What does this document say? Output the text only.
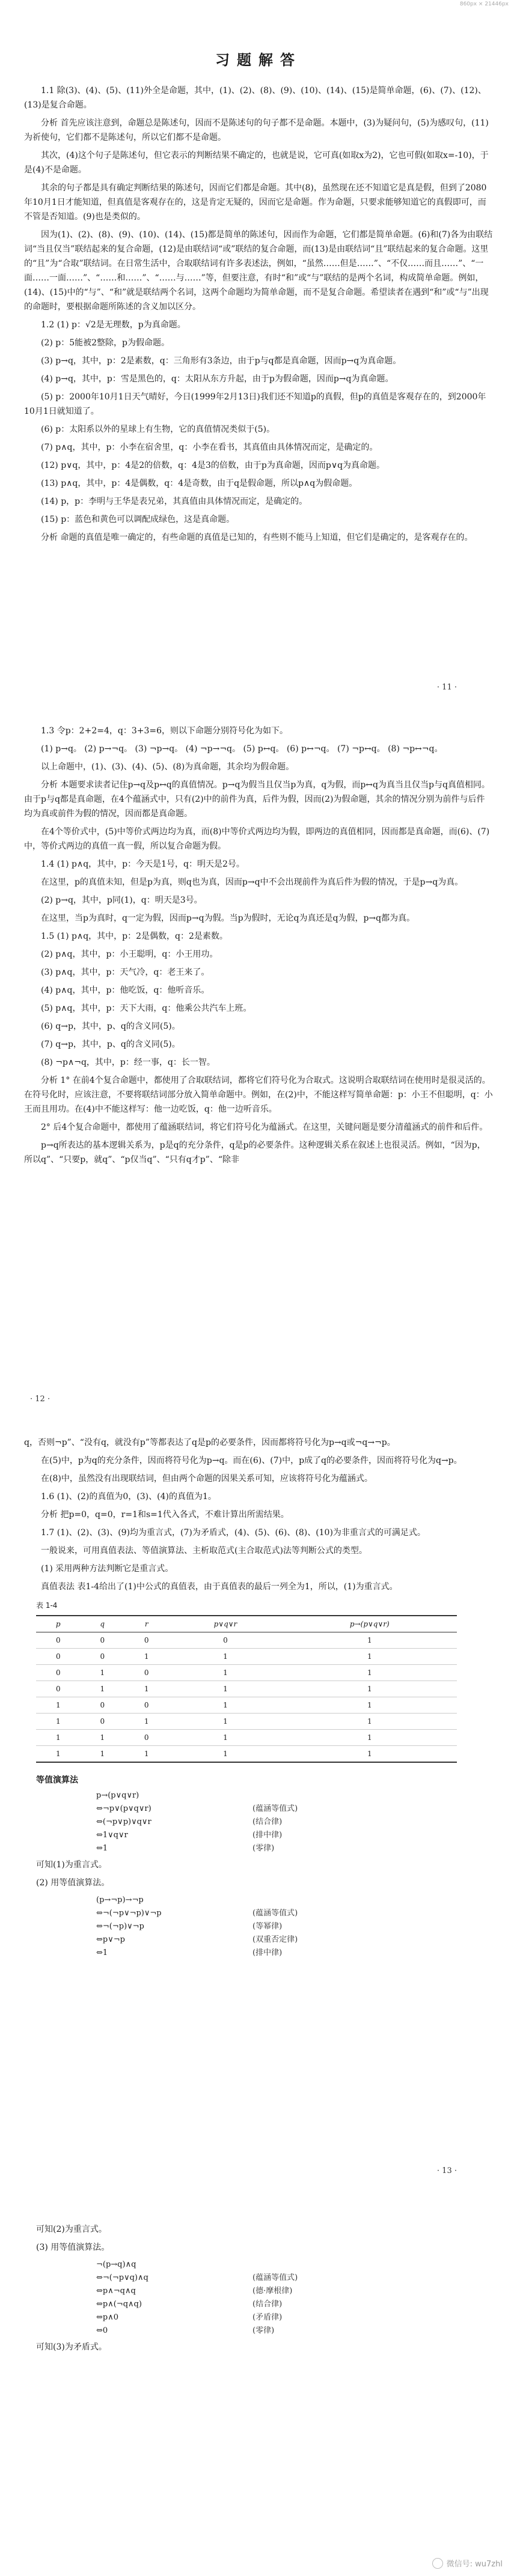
860px × 21446px
习题解答

1.1 除(3)、(4)、(5)、(11)外全是命题，其中，(1)、(2)、(8)、(9)、(10)、(14)、(15)是简单命题，(6)、(7)、(12)、(13)是复合命题。

分析 首先应该注意到，命题总是陈述句，因而不是陈述句的句子都不是命题。本题中，(3)为疑问句，(5)为感叹句，(11)为祈使句，它们都不是陈述句，所以它们都不是命题。

其次，(4)这个句子是陈述句，但它表示的判断结果不确定的，也就是说，它可真(如取x为2)，它也可假(如取x=-10)，于是(4)不是命题。

其余的句子都是具有确定判断结果的陈述句，因而它们都是命题。其中(8)，虽然现在还不知道它是真是假，但到了2080年10月1日才能知道，但真值是客观存在的，这是肯定无疑的，因而它是命题。作为命题，只要求能够知道它的真假即可，而不管是否知道。(9)也是类似的。

因为(1)、(2)、(8)、(9)、(10)、(14)、(15)都是简单的陈述句，因而作为命题，它们都是简单命题。(6)和(7)各为由联结词“当且仅当”联结起来的复合命题，(12)是由联结词“或”联结的复合命题，而(13)是由联结词“且”联结起来的复合命题。这里的“且”为“合取”联结词。在日常生活中，合取联结词有许多表述法，例如，“虽然……但是……”、“不仅……而且……”、“一面……一面……”、“……和……”、“……与……”等，但要注意，有时“和”或“与”联结的是两个名词，构成简单命题。例如，(14)、(15)中的“与”、“和”就是联结两个名词，这两个命题均为简单命题，而不是复合命题。希望读者在遇到“和”或“与”出现的命题时，要根据命题所陈述的含义加以区分。

1.2 (1) p：√2是无理数，p为真命题。

(2) p：5能被2整除，p为假命题。

(3) p→q，其中，p：2是素数，q：三角形有3条边，由于p与q都是真命题，因而p→q为真命题。

(4) p→q，其中，p：雪是黑色的，q：太阳从东方升起，由于p为假命题，因而p→q为真命题。

(5) p：2000年10月1日天气晴好，今日(1999年2月13日)我们还不知道p的真假，但p的真值是客观存在的，到2000年10月1日就知道了。

(6) p：太阳系以外的星球上有生物，它的真值情况类似于(5)。

(7) p∧q，其中，p：小李在宿舍里，q：小李在看书，其真值由具体情况而定，是确定的。

(12) p∨q，其中，p：4是2的倍数，q：4是3的倍数，由于p为真命题，因而p∨q为真命题。

(13) p∧q，其中，p：4是偶数，q：4是奇数，由于q是假命题，所以p∧q为假命题。

(14) p，p：李明与王华是表兄弟，其真值由具体情况而定，是确定的。

(15) p：蓝色和黄色可以调配成绿色，这是真命题。

分析 命题的真值是唯一确定的，有些命题的真值是已知的，有些则不能马上知道，但它们是确定的，是客观存在的。

· 11 ·

1.3 令p：2+2=4，q：3+3=6，则以下命题分别符号化为如下。

(1) p→q。 (2) p→¬q。 (3) ¬p→q。 (4) ¬p→¬q。 (5) p↔q。 (6) p↔¬q。 (7) ¬p↔q。 (8) ¬p↔¬q。

以上命题中，(1)、(3)、(4)、(5)、(8)为真命题，其余均为假命题。

分析 本题要求读者记住p→q及p↔q的真值情况。p→q为假当且仅当p为真，q为假，而p↔q为真当且仅当p与q真值相同。由于p与q都是真命题，在4个蕴涵式中，只有(2)中的前件为真，后件为假，因而(2)为假命题，其余的情况分别为前件与后件均为真或前件为假的情况，因而都是真命题。

在4个等价式中，(5)中等价式两边均为真，而(8)中等价式两边均为假，即两边的真值相同，因而都是真命题，而(6)、(7)中，等价式两边的真值一真一假，所以复合命题为假。

1.4 (1) p∧q，其中，p：今天是1号，q：明天是2号。

在这里，p的真值未知，但是p为真，则q也为真，因而p→q中不会出现前件为真后件为假的情况，于是p→q为真。

(2) p→q，其中，p同(1)，q：明天是3号。

在这里，当p为真时，q一定为假，因而p→q为假。当p为假时，无论q为真还是q为假，p→q都为真。

1.5 (1) p∧q，其中，p：2是偶数，q：2是素数。

(2) p∧q，其中，p：小王聪明，q：小王用功。

(3) p∧q，其中，p：天气冷，q：老王来了。

(4) p∧q，其中，p：他吃饭，q：他听音乐。

(5) p∧q，其中，p：天下大雨，q：他乘公共汽车上班。

(6) q→p，其中，p、q的含义同(5)。

(7) q→p，其中，p、q的含义同(5)。

(8) ¬p∧¬q，其中，p：经一事，q：长一智。

分析 1° 在前4个复合命题中，都使用了合取联结词，都将它们符号化为合取式。这说明合取联结词在使用时是很灵活的。在符号化时，应该注意，不要将联结词部分放入简单命题中。例如，在(2)中，不能这样写简单命题：p：小王不但聪明，q：小王而且用功。在(4)中不能这样写：他一边吃饭，q：他一边听音乐。

2° 后4个复合命题中，都使用了蕴涵联结词，将它们符号化为蕴涵式。在这里，关键问题是要分清蕴涵式的前件和后件。

p→q所表达的基本逻辑关系为，p是q的充分条件，q是p的必要条件。这种逻辑关系在叙述上也很灵活。例如，“因为p，所以q”、“只要p，就q”、“p仅当q”、“只有q才p”、“除非

· 12 ·

q，否则¬p”、“没有q，就没有p”等都表达了q是p的必要条件，因而都将符号化为p→q或¬q→¬p。

在(5)中，p为q的充分条件，因而将符号化为p→q。而在(6)、(7)中，p成了q的必要条件，因而将符号化为q→p。

在(8)中，虽然没有出现联结词，但由两个命题的因果关系可知，应该将符号化为蕴涵式。

1.6 (1)、(2)的真值为0，(3)、(4)的真值为1。

分析 把p=0，q=0，r=1和s=1代入各式，不难计算出所需结果。

1.7 (1)、(2)、(3)、(9)均为重言式，(7)为矛盾式，(4)、(5)、(6)、(8)、(10)为非重言式的可满足式。

一般说来，可用真值表法、等值演算法、主析取范式(主合取范式)法等判断公式的类型。

(1) 采用两种方法判断它是重言式。

真值表法 表1-4给出了(1)中公式的真值表，由于真值表的最后一列全为1，所以，(1)为重言式。

表 1-4
p	q	r	p∨q∨r	p→(p∨q∨r)
0	0	0	0	1
0	0	1	1	1
0	1	0	1	1
0	1	1	1	1
1	0	0	1	1
1	0	1	1	1
1	1	0	1	1
1	1	1	1	1
等值演算法
p→(p∨q∨r)
⇔¬p∨(p∨q∨r)	(蕴涵等值式)
⇔(¬p∨p)∨q∨r	(结合律)
⇔1∨q∨r	(排中律)
⇔1	(零律)

可知(1)为重言式。

(2) 用等值演算法。

(p→¬p)→¬p
⇔¬(¬p∨¬p)∨¬p	(蕴涵等值式)
⇔¬(¬p)∨¬p	(等幂律)
⇔p∨¬p	(双重否定律)
⇔1	(排中律)
· 13 ·

可知(2)为重言式。

(3) 用等值演算法。

¬(p→q)∧q
⇔¬(¬p∨q)∧q	(蕴涵等值式)
⇔p∧¬q∧q	(德·摩根律)
⇔p∧(¬q∧q)	(结合律)
⇔p∧0	(矛盾律)
⇔0	(零律)

可知(3)为矛盾式。

微信号: wu7zhl
